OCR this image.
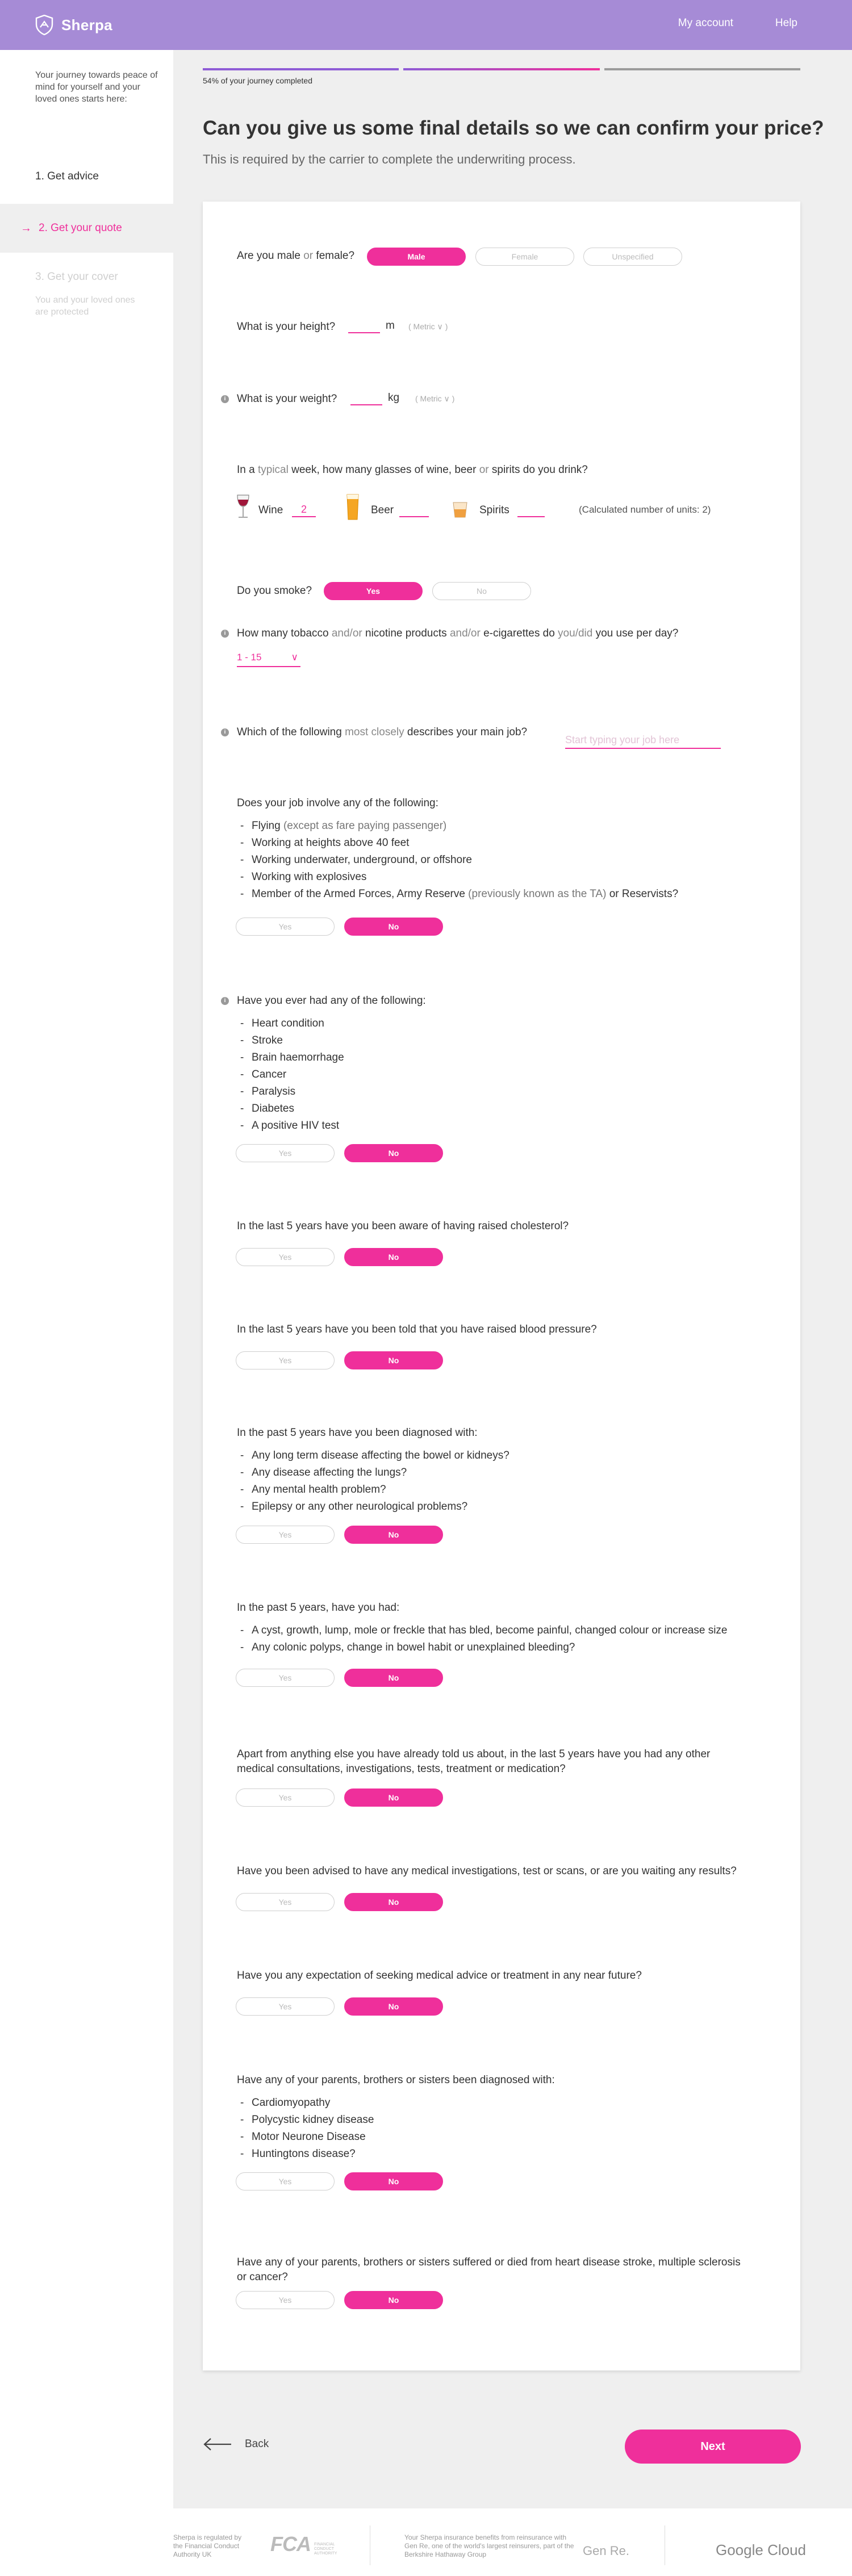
Sherpa	My account	Help
Your journey towards peace of mind for yourself and your loved ones starts here:
1. Get advice
→ 2. Get your quote
3. Get your cover
You and your loved ones are protected
54% of your journey completed
Can you give us some final details so we can confirm your price?
This is required by the carrier to complete the underwriting process.
Are you male or female?	Male	Female	Unspecified
What is your height?	m ( Metric ∨ )
i What is your weight?	kg ( Metric ∨ )
In a typical week, how many glasses of wine, beer or spirits do you drink?
Wine	2	Beer	Spirits	(Calculated number of units: 2)
Do you smoke?	Yes	No
i How many tobacco and/or nicotine products and/or e-cigarettes do you/did you use per day?
1 - 15	∨
i Which of the following most closely describes your main job?
Start typing your job here
Does your job involve any of the following:
- Flying (except as fare paying passenger)
- Working at heights above 40 feet
- Working underwater, underground, or offshore
- Working with explosives
- Member of the Armed Forces, Army Reserve (previously known as the TA) or Reservists?
Yes	No
i Have you ever had any of the following:
- Heart condition
- Stroke
- Brain haemorrhage
- Cancer
- Paralysis
- Diabetes
- A positive HIV test
Yes	No
In the last 5 years have you been aware of having raised cholesterol?
Yes	No
In the last 5 years have you been told that you have raised blood pressure?
Yes	No
In the past 5 years have you been diagnosed with:
- Any long term disease affecting the bowel or kidneys?
- Any disease affecting the lungs?
- Any mental health problem?
- Epilepsy or any other neurological problems?
Yes	No
In the past 5 years, have you had:
- A cyst, growth, lump, mole or freckle that has bled, become painful, changed colour or increase size
- Any colonic polyps, change in bowel habit or unexplained bleeding?
Yes	No
Apart from anything else you have already told us about, in the last 5 years have you had any other
medical consultations, investigations, tests, treatment or medication?
Yes	No
Have you been advised to have any medical investigations, test or scans, or are you waiting any results?
Yes	No
Have you any expectation of seeking medical advice or treatment in any near future?
Yes	No
Have any of your parents, brothers or sisters been diagnosed with:
- Cardiomyopathy
- Polycystic kidney disease
- Motor Neurone Disease
- Huntingtons disease?
Yes	No
Have any of your parents, brothers or sisters suffered or died from heart disease stroke, multiple sclerosis
or cancer?
Yes	No
Back	Next
Sherpa is regulated by the Financial Conduct Authority UK	FCA FINANCIAL CONDUCT AUTHORITY
Your Sherpa insurance benefits from reinsurance with Gen Re, one of the world's largest reinsurers, part of the Berkshire Hathaway Group	Gen Re.	Google Cloud
